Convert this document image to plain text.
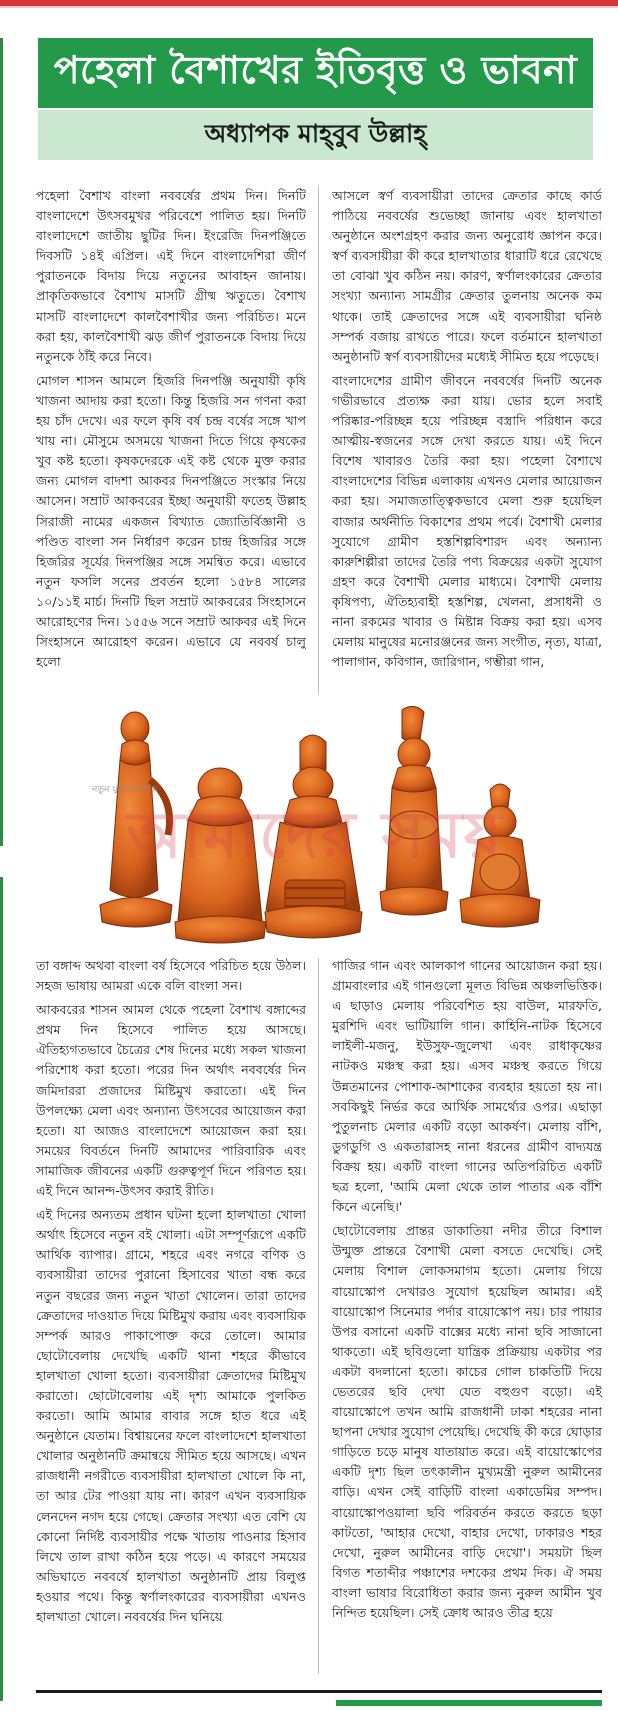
পহেলা বৈশাখের ইতিবৃত্ত ও ভাবনা
অধ্যাপক মাহ্‌বুব উল্লাহ্‌

পহেলা বৈশাখ বাংলা নববর্ষের প্রথম দিন। দিনটি বাংলাদেশে উৎসবমুখর পরিবেশে পালিত হয়। দিনটি বাংলাদেশে জাতীয় ছুটির দিন। ইংরেজি দিনপঞ্জিতে দিবসটি ১৪ই এপ্রিল। এই দিনে বাংলাদেশিরা জীর্ণ পুরাতনকে বিদায় দিয়ে নতুনের আবাহন জানায়। প্রাকৃতিকভাবে বৈশাখ মাসটি গ্রীষ্ম ঋতুতে। বৈশাখ মাসটি বাংলাদেশে কালবৈশাখীর জন্য পরিচিত। মনে করা হয়, কালবৈশাখী ঝড় জীর্ণ পুরাতনকে বিদায় দিয়ে নতুনকে ঠাঁই করে নিবে।

মোগল শাসন আমলে হিজরি দিনপঞ্জি অনুযায়ী কৃষি খাজনা আদায় করা হতো। কিন্তু হিজরি সন গণনা করা হয় চাঁদ দেখে। এর ফলে কৃষি বর্ষ চন্দ্র বর্ষের সঙ্গে খাপ খায় না। মৌসুমে অসময়ে খাজনা দিতে গিয়ে কৃষকের খুব কষ্ট হতো। কৃষকদেরকে এই কষ্ট থেকে মুক্ত করার জন্য মোগল বাদশা আকবর দিনপঞ্জিতে সংস্কার নিয়ে আসেন। সম্রাট আকবরের ইচ্ছা অনুযায়ী ফতেহ উল্লাহ সিরাজী নামের একজন বিখ্যাত জ্যোতির্বিজ্ঞানী ও পণ্ডিত বাংলা সন নির্ধারণ করেন চান্দ্র হিজরির সঙ্গে হিজরির সূর্যের দিনপঞ্জির সঙ্গে সমন্বিত করে। এভাবে নতুন ফসলি সনের প্রবর্তন হলো ১৫৮৪ সালের ১০/১১ই মার্চ। দিনটি ছিল সম্রাট আকবরের সিংহাসনে আরোহণের দিন। ১৫৫৬ সনে সম্রাট আকবর এই দিনে সিংহাসনে আরোহণ করেন। এভাবে যে নববর্ষ চালু হলো

আসলে স্বর্ণ ব্যবসায়ীরা তাদের ক্রেতার কাছে কার্ড পাঠিয়ে নববর্ষের শুভেচ্ছা জানায় এবং হালখাতা অনুষ্ঠানে অংশগ্রহণ করার জন্য অনুরোধ জ্ঞাপন করে। স্বর্ণ ব্যবসায়ীরা কী করে হালখাতার ধারাটি ধরে রেখেছে তা বোঝা খুব কঠিন নয়। কারণ, স্বর্ণালংকারের ক্রেতার সংখ্যা অন্যান্য সামগ্রীর ক্রেতার তুলনায় অনেক কম থাকে। তাই ক্রেতাদের সঙ্গে এই ব্যবসায়ীরা ঘনিষ্ঠ সম্পর্ক বজায় রাখতে পারে। ফলে বর্তমানে হালখাতা অনুষ্ঠানটি স্বর্ণ ব্যবসায়ীদের মধ্যেই সীমিত হয়ে পড়েছে।

বাংলাদেশের গ্রামীণ জীবনে নববর্ষের দিনটি অনেক গভীরভাবে প্রত্যক্ষ করা যায়। ভোর হলে সবাই পরিষ্কার-পরিচ্ছন্ন হয়ে পরিচ্ছন্ন বস্ত্রাদি পরিধান করে আত্মীয়-স্বজনের সঙ্গে দেখা করতে যায়। এই দিনে বিশেষ খাবারও তৈরি করা হয়। পহেলা বৈশাখে বাংলাদেশের বিভিন্ন এলাকায় এখনও মেলার আয়োজন করা হয়। সমাজতাত্ত্বিকভাবে মেলা শুরু হয়েছিল বাজার অর্থনীতি বিকাশের প্রথম পর্বে। বৈশাখী মেলার সুযোগে গ্রামীণ হস্তশিল্পবিশারদ এবং অন্যান্য কারুশিল্পীরা তাদের তৈরি পণ্য বিক্রয়ের একটা সুযোগ গ্রহণ করে বৈশাখী মেলার মাধ্যমে। বৈশাখী মেলায় কৃষিপণ্য, ঐতিহ্যবাহী হস্তশিল্প, খেলনা, প্রসাধনী ও নানা রকমের খাবার ও মিষ্টান্ন বিক্রয় করা হয়। এসব মেলায় মানুষের মনোরঞ্জনের জন্য সংগীত, নৃত্য, যাত্রা, পালাগান, কবিগান, জারিগান, গম্ভীরা গান,

নতুন যুগের কাগজ
আমাদের সময়

তা বঙ্গাব্দ অথবা বাংলা বর্ষ হিসেবে পরিচিত হয়ে উঠল। সহজ ভাষায় আমরা একে বলি বাংলা সন।

আকবরের শাসন আমল থেকে পহেলা বৈশাখ বঙ্গাব্দের প্রথম দিন হিসেবে পালিত হয়ে আসছে। ঐতিহ্যগতভাবে চৈত্রের শেষ দিনের মধ্যে সকল খাজনা পরিশোধ করা হতো। পরের দিন অর্থাৎ নববর্ষের দিন জমিদাররা প্রজাদের মিষ্টিমুখ করাতো। এই দিন উপলক্ষ্যে মেলা এবং অন্যান্য উৎসবের আয়োজন করা হতো। যা আজও বাংলাদেশে আয়োজন করা হয়। সময়ের বিবর্তনে দিনটি আমাদের পারিবারিক এবং সামাজিক জীবনের একটি গুরুত্বপূর্ণ দিনে পরিণত হয়। এই দিনে আনন্দ-উৎসব করাই রীতি।

এই দিনের অন্যতম প্রধান ঘটনা হলো হালখাতা খোলা অর্থাৎ হিসেবে নতুন বই খোলা। এটা সম্পূর্ণরূপে একটি আর্থিক ব্যাপার। গ্রামে, শহরে এবং নগরে বণিক ও ব্যবসায়ীরা তাদের পুরানো হিসাবের খাতা বন্ধ করে নতুন বছরের জন্য নতুন খাতা খোলেন। তারা তাদের ক্রেতাদের দাওয়াত দিয়ে মিষ্টিমুখ করায় এবং ব্যবসায়িক সম্পর্ক আরও পাকাপোক্ত করে তোলে। আমার ছোটোবেলায় দেখেছি একটি থানা শহরে কীভাবে হালখাতা খোলা হতো। ব্যবসায়ীরা ক্রেতাদের মিষ্টিমুখ করাতো। ছোটোবেলায় এই দৃশ্য আমাকে পুলকিত করতো। আমি আমার বাবার সঙ্গে হাত ধরে এই অনুষ্ঠানে যেতাম। বিশ্বায়নের ফলে বাংলাদেশে হালখাতা খোলার অনুষ্ঠানটি ক্রমান্বয়ে সীমিত হয়ে আসছে। এখন রাজধানী নগরীতে ব্যবসায়ীরা হালখাতা খোলে কি না, তা আর টের পাওয়া যায় না। কারণ এখন ব্যবসায়িক লেনদেন নগদ হয়ে গেছে। ক্রেতার সংখ্যা এত বেশি যে কোনো নির্দিষ্ট ব্যবসায়ীর পক্ষে খাতায় পাওনার হিসাব লিখে তাল রাখা কঠিন হয়ে পড়ে। এ কারণে সময়ের অভিঘাতে নববর্ষে হালখাতা অনুষ্ঠানটি প্রায় বিলুপ্ত হওয়ার পথে। কিন্তু স্বর্ণালংকারের ব্যবসায়ীরা এখনও হালখাতা খোলে। নববর্ষের দিন ঘনিয়ে

গাজির গান এবং আলকাপ গানের আয়োজন করা হয়। গ্রামবাংলার এই গানগুলো মূলত বিভিন্ন অঞ্চলভিত্তিক। এ ছাড়াও মেলায় পরিবেশিত হয় বাউল, মারফতি, মুরশিদি এবং ভাটিয়ালি গান। কাহিনি-নাটক হিসেবে লাইলী-মজনু, ইউসুফ-জুলেখা এবং রাধাকৃষ্ণের নাটকও মঞ্চস্থ করা হয়। এসব মঞ্চস্থ করতে গিয়ে উন্নতমানের পোশাক-আশাকের ব্যবহার হয়তো হয় না। সবকিছুই নির্ভর করে আর্থিক সামর্থ্যের ওপর। এছাড়া পুতুলনাচ মেলার একটি বড়ো আকর্ষণ। মেলায় বাঁশি, ডুগডুগি ও একতারাসহ নানা ধরনের গ্রামীণ বাদ্যযন্ত্র বিক্রয় হয়। একটি বাংলা গানের অতিপরিচিত একটি ছত্র হলো, 'আমি মেলা থেকে তাল পাতার এক বাঁশি কিনে এনেছি।'

ছোটোবেলায় প্রান্তর ডাকাতিয়া নদীর তীরে বিশাল উন্মুক্ত প্রান্তরে বৈশাখী মেলা বসতে দেখেছি। সেই মেলায় বিশাল লোকসমাগম হতো। মেলায় গিয়ে বায়োস্কোপ দেখারও সুযোগ হয়েছিল আমার। এই বায়োস্কোপ সিনেমার পর্দার বায়োস্কোপ নয়। চার পায়ার উপর বসানো একটি বাক্সের মধ্যে নানা ছবি সাজানো থাকতো। এই ছবিগুলো যান্ত্রিক প্রক্রিয়ায় একটার পর একটা বদলানো হতো। কাচের গোল চাকতিটি দিয়ে ভেতরের ছবি দেখা যেত বহুগুণ বড়ো। এই বায়োস্কোপে তখন আমি রাজধানী ঢাকা শহরের নানা ছাপনা দেখার সুযোগ পেয়েছি। দেখেছি কী করে ঘোড়ার গাড়িতে চড়ে মানুষ যাতায়াত করে। এই বায়োস্কোপের একটি দৃশ্য ছিল তৎকালীন মুখ্যমন্ত্রী নুরুল আমীনের বাড়ি। এখন সেই বাড়িটি বাংলা একাডেমির সম্পদ। বায়োস্কোপওয়ালা ছবি পরিবর্তন করতে করতে ছড়া কাটতো, 'আহার দেখো, বাহার দেখো, ঢাকারও শহর দেখো, নুরুল আমীনের বাড়ি দেখো'। সময়টা ছিল বিগত শতাব্দীর পঞ্চাশের দশকের প্রথম দিক। ঐ সময় বাংলা ভাষার বিরোধিতা করার জন্য নুরুল আমীন খুব নিন্দিত হয়েছিল। সেই ক্রোধ আরও তীব্র হয়ে
